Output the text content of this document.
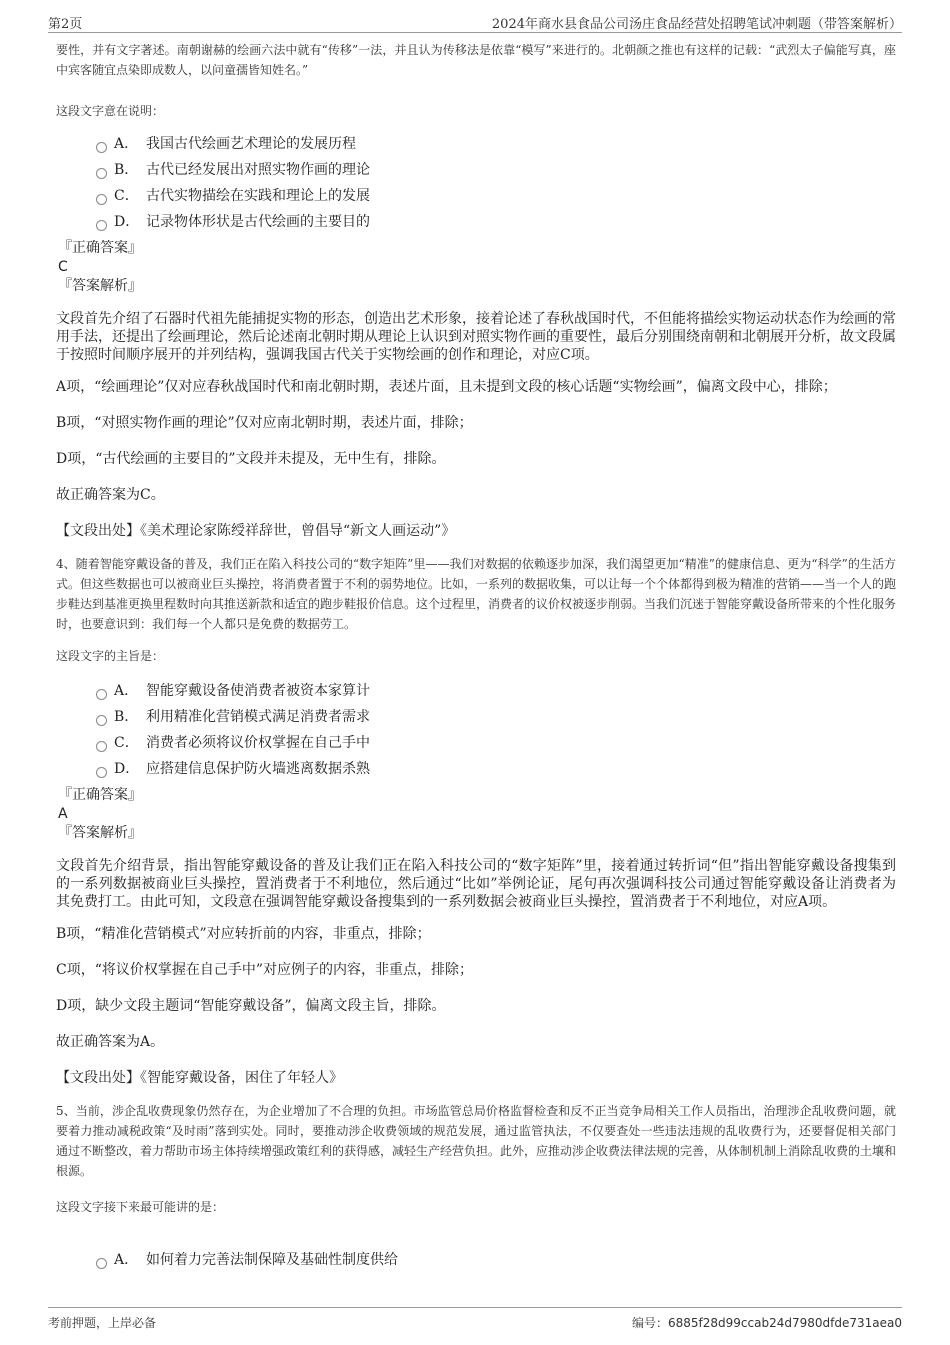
第2页	2024年商水县食品公司汤庄食品经营处招聘笔试冲刺题（带答案解析）

要性，并有文字著述。南朝谢赫的绘画六法中就有“传移”一法，并且认为传移法是依靠“模写”来进行的。北朝颜之推也有这样的记载：“武烈太子偏能写真，座中宾客随宜点染即成数人，以问童孺皆知姓名。”

这段文字意在说明：

A． 我国古代绘画艺术理论的发展历程
B． 古代已经发展出对照实物作画的理论
C． 古代实物描绘在实践和理论上的发展
D． 记录物体形状是古代绘画的主要目的
『正确答案』
C
『答案解析』

文段首先介绍了石器时代祖先能捕捉实物的形态，创造出艺术形象，接着论述了春秋战国时代，不但能将描绘实物运动状态作为绘画的常用手法，还提出了绘画理论，然后论述南北朝时期从理论上认识到对照实物作画的重要性，最后分别围绕南朝和北朝展开分析，故文段属于按照时间顺序展开的并列结构，强调我国古代关于实物绘画的创作和理论，对应C项。

A项，“绘画理论”仅对应春秋战国时代和南北朝时期，表述片面，且未提到文段的核心话题“实物绘画”，偏离文段中心，排除；

B项，“对照实物作画的理论”仅对应南北朝时期，表述片面，排除；

D项，“古代绘画的主要目的”文段并未提及，无中生有，排除。

故正确答案为C。

【文段出处】《美术理论家陈绶祥辞世，曾倡导“新文人画运动”》

4、随着智能穿戴设备的普及，我们正在陷入科技公司的“数字矩阵”里——我们对数据的依赖逐步加深，我们渴望更加“精准”的健康信息、更为“科学”的生活方式。但这些数据也可以被商业巨头操控，将消费者置于不利的弱势地位。比如，一系列的数据收集，可以让每一个个体都得到极为精准的营销——当一个人的跑步鞋达到基准更换里程数时向其推送新款和适宜的跑步鞋报价信息。这个过程里，消费者的议价权被逐步削弱。当我们沉迷于智能穿戴设备所带来的个性化服务时，也要意识到：我们每一个人都只是免费的数据劳工。

这段文字的主旨是：

A． 智能穿戴设备使消费者被资本家算计
B． 利用精准化营销模式满足消费者需求
C． 消费者必须将议价权掌握在自己手中
D． 应搭建信息保护防火墙逃离数据杀熟
『正确答案』
A
『答案解析』

文段首先介绍背景，指出智能穿戴设备的普及让我们正在陷入科技公司的“数字矩阵”里，接着通过转折词“但”指出智能穿戴设备搜集到的一系列数据被商业巨头操控，置消费者于不利地位，然后通过“比如”举例论证，尾句再次强调科技公司通过智能穿戴设备让消费者为其免费打工。由此可知，文段意在强调智能穿戴设备搜集到的一系列数据会被商业巨头操控，置消费者于不利地位，对应A项。

B项，“精准化营销模式”对应转折前的内容，非重点，排除；

C项，“将议价权掌握在自己手中”对应例子的内容，非重点，排除；

D项，缺少文段主题词“智能穿戴设备”，偏离文段主旨，排除。

故正确答案为A。

【文段出处】《智能穿戴设备，困住了年轻人》

5、当前，涉企乱收费现象仍然存在，为企业增加了不合理的负担。市场监管总局价格监督检查和反不正当竞争局相关工作人员指出，治理涉企乱收费问题，就要着力推动减税政策“及时雨”落到实处。同时，要推动涉企收费领域的规范发展，通过监管执法，不仅要查处一些违法违规的乱收费行为，还要督促相关部门通过不断整改，着力帮助市场主体持续增强政策红利的获得感，减轻生产经营负担。此外，应推动涉企收费法律法规的完善，从体制机制上消除乱收费的土壤和根源。

这段文字接下来最可能讲的是：

A． 如何着力完善法制保障及基础性制度供给
考前押题，上岸必备	编号：6885f28d99ccab24d7980dfde731aea0
